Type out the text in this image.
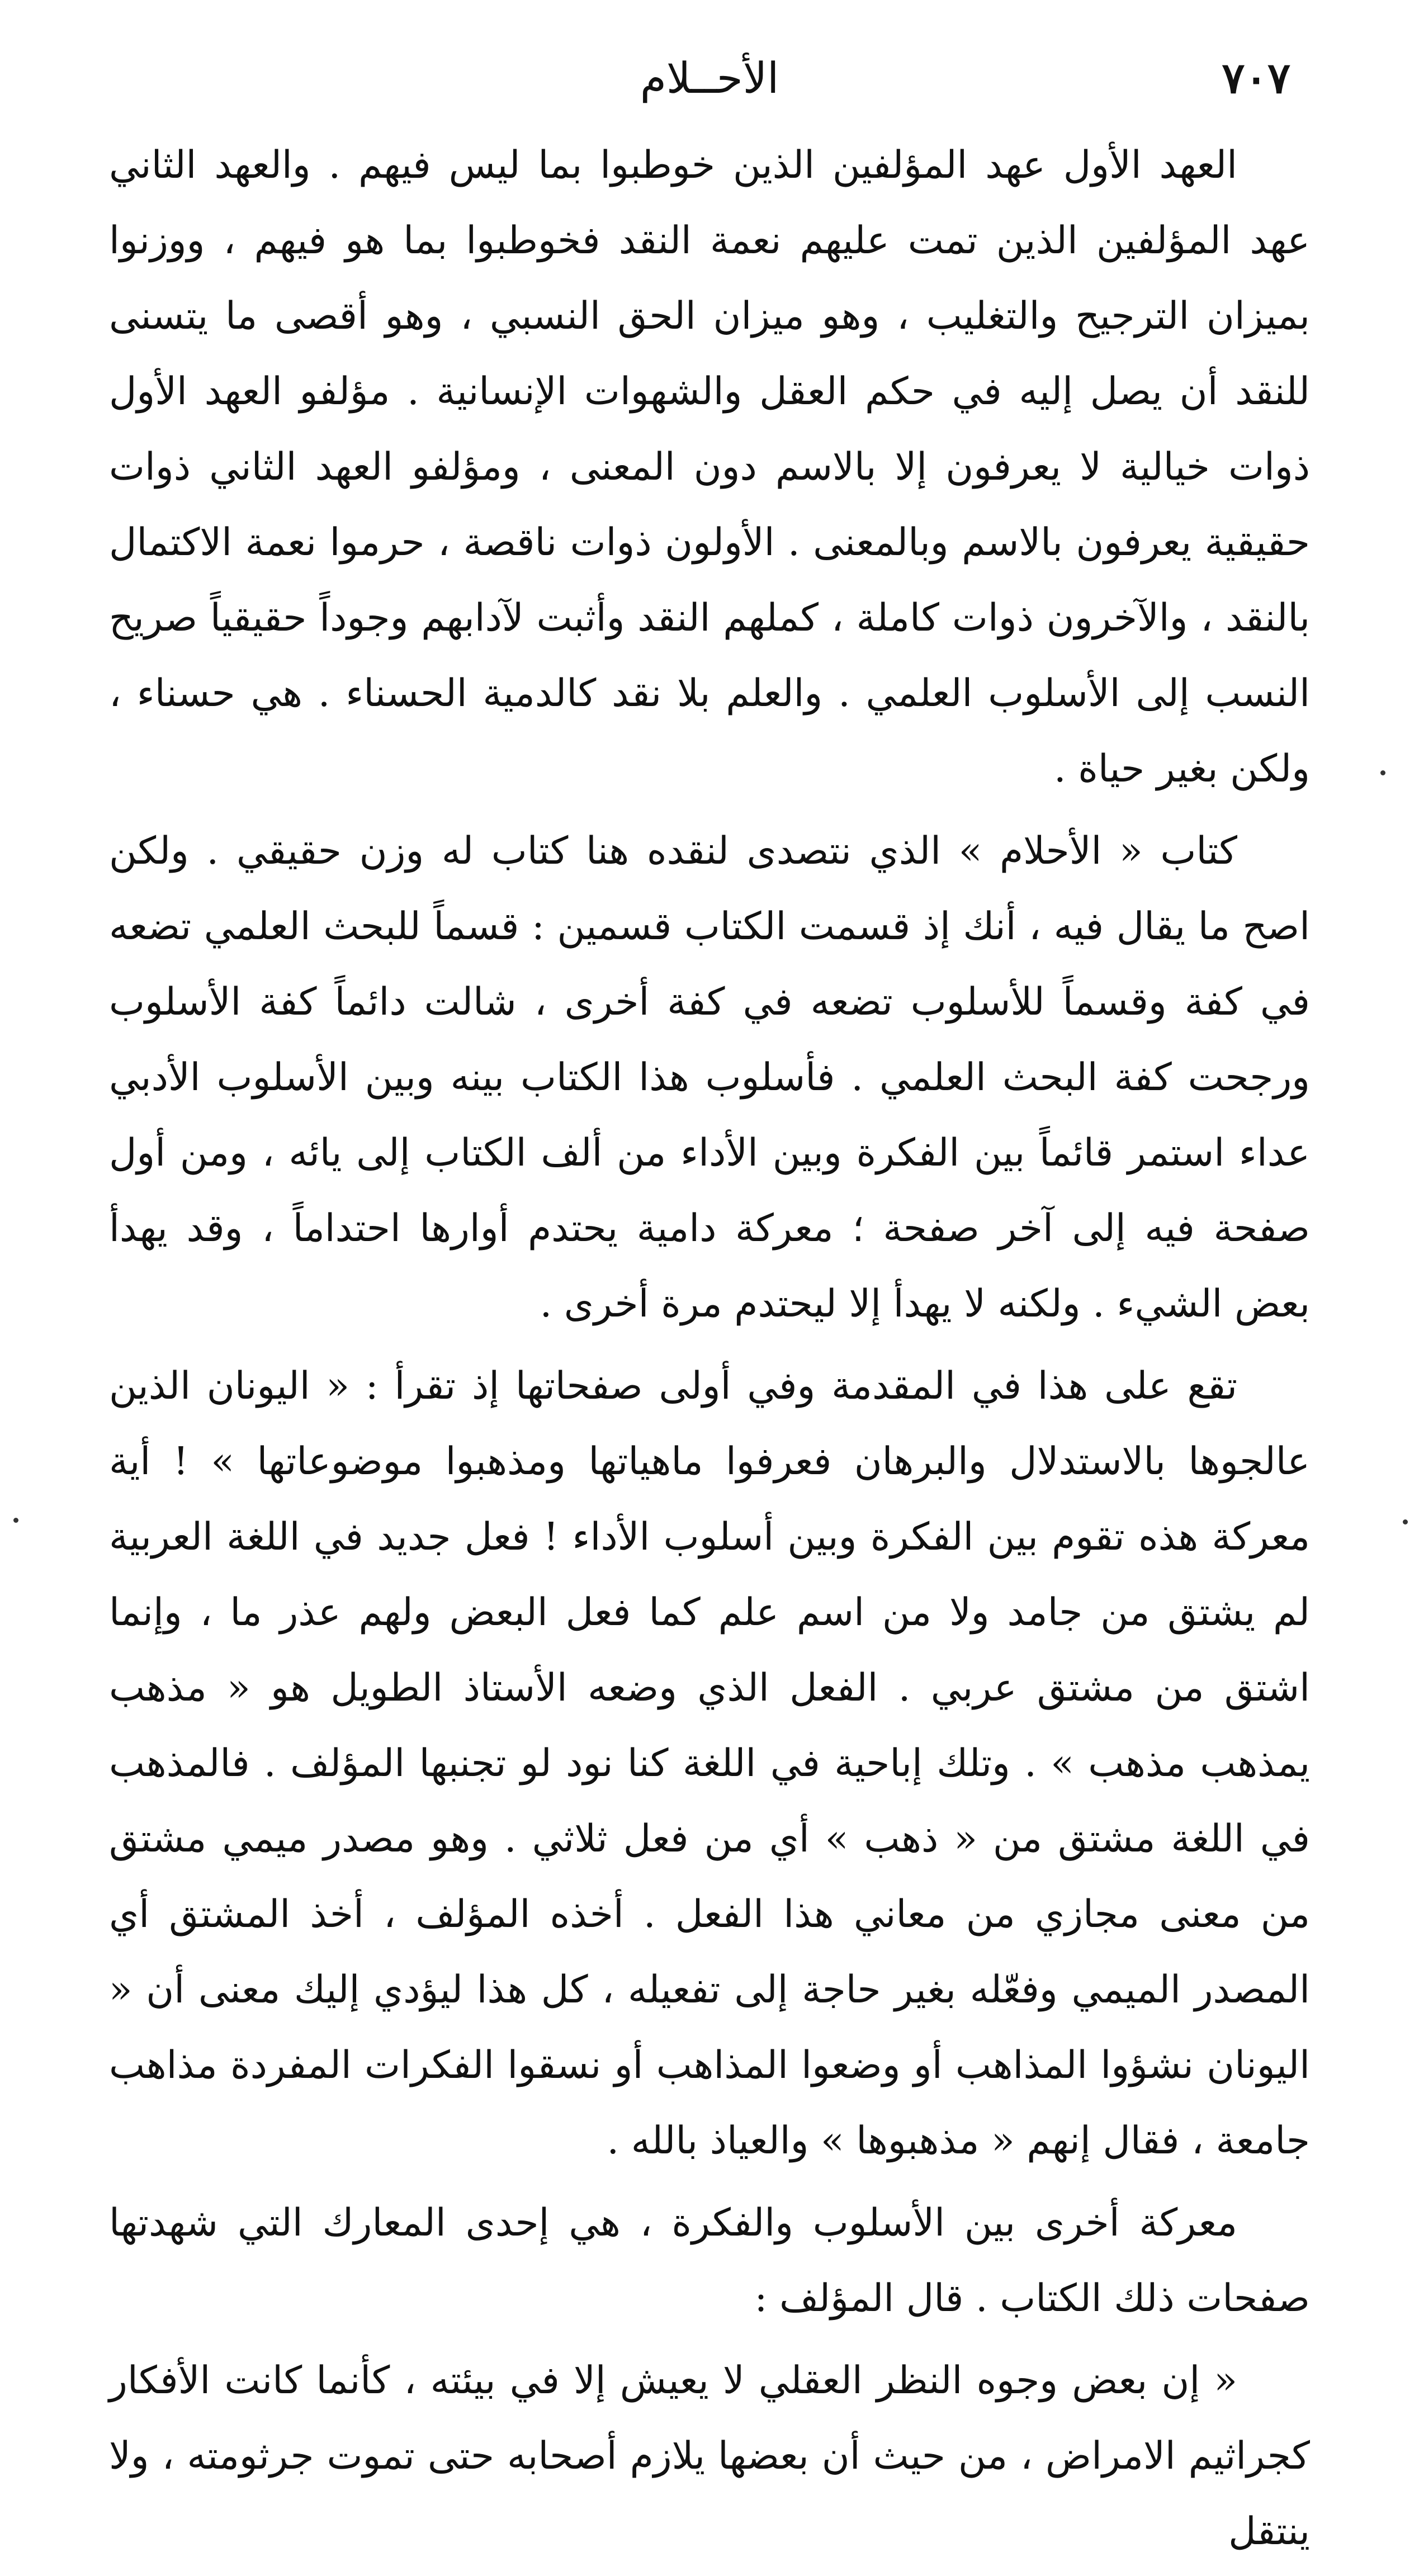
الأحــلام	٧٠٧

العهد الأول عهد المؤلفين الذين خوطبوا بما ليس فيهم . والعهد الثاني عهد المؤلفين الذين تمت عليهم نعمة النقد فخوطبوا بما هو فيهم ، ووزنوا بميزان الترجيح والتغليب ، وهو ميزان الحق النسبي ، وهو أقصى ما يتسنى للنقد أن يصل إليه في حكم العقل والشهوات الإنسانية . مؤلفو العهد الأول ذوات خيالية لا يعرفون إلا بالاسم دون المعنى ، ومؤلفو العهد الثاني ذوات حقيقية يعرفون بالاسم وبالمعنى . الأولون ذوات ناقصة ، حرموا نعمة الاكتمال بالنقد ، والآخرون ذوات كاملة ، كملهم النقد وأثبت لآدابهم وجوداً حقيقياً صريح النسب إلى الأسلوب العلمي . والعلم بلا نقد كالدمية الحسناء . هي حسناء ، ولكن بغير حياة .

كتاب « الأحلام » الذي نتصدى لنقده هنا كتاب له وزن حقيقي . ولكن اصح ما يقال فيه ، أنك إذ قسمت الكتاب قسمين : قسماً للبحث العلمي تضعه في كفة وقسماً للأسلوب تضعه في كفة أخرى ، شالت دائماً كفة الأسلوب ورجحت كفة البحث العلمي . فأسلوب هذا الكتاب بينه وبين الأسلوب الأدبي عداء استمر قائماً بين الفكرة وبين الأداء من ألف الكتاب إلى يائه ، ومن أول صفحة فيه إلى آخر صفحة ؛ معركة دامية يحتدم أوارها احتداماً ، وقد يهدأ بعض الشيء . ولكنه لا يهدأ إلا ليحتدم مرة أخرى .

تقع على هذا في المقدمة وفي أولى صفحاتها إذ تقرأ : « اليونان الذين عالجوها بالاستدلال والبرهان فعرفوا ماهياتها ومذهبوا موضوعاتها » ! أية معركة هذه تقوم بين الفكرة وبين أسلوب الأداء ! فعل جديد في اللغة العربية لم يشتق من جامد ولا من اسم علم كما فعل البعض ولهم عذر ما ، وإنما اشتق من مشتق عربي . الفعل الذي وضعه الأستاذ الطويل هو « مذهب يمذهب مذهب » . وتلك إباحية في اللغة كنا نود لو تجنبها المؤلف . فالمذهب في اللغة مشتق من « ذهب » أي من فعل ثلاثي . وهو مصدر ميمي مشتق من معنى مجازي من معاني هذا الفعل . أخذه المؤلف ، أخذ المشتق أي المصدر الميمي وفعّله بغير حاجة إلى تفعيله ، كل هذا ليؤدي إليك معنى أن « اليونان نشؤوا المذاهب أو وضعوا المذاهب أو نسقوا الفكرات المفردة مذاهب جامعة ، فقال إنهم « مذهبوها » والعياذ بالله .

معركة أخرى بين الأسلوب والفكرة ، هي إحدى المعارك التي شهدتها صفحات ذلك الكتاب . قال المؤلف :

« إن بعض وجوه النظر العقلي لا يعيش إلا في بيئته ، كأنما كانت الأفكار كجراثيم الامراض ، من حيث أن بعضها يلازم أصحابه حتى تموت جرثومته ، ولا ينتقل
